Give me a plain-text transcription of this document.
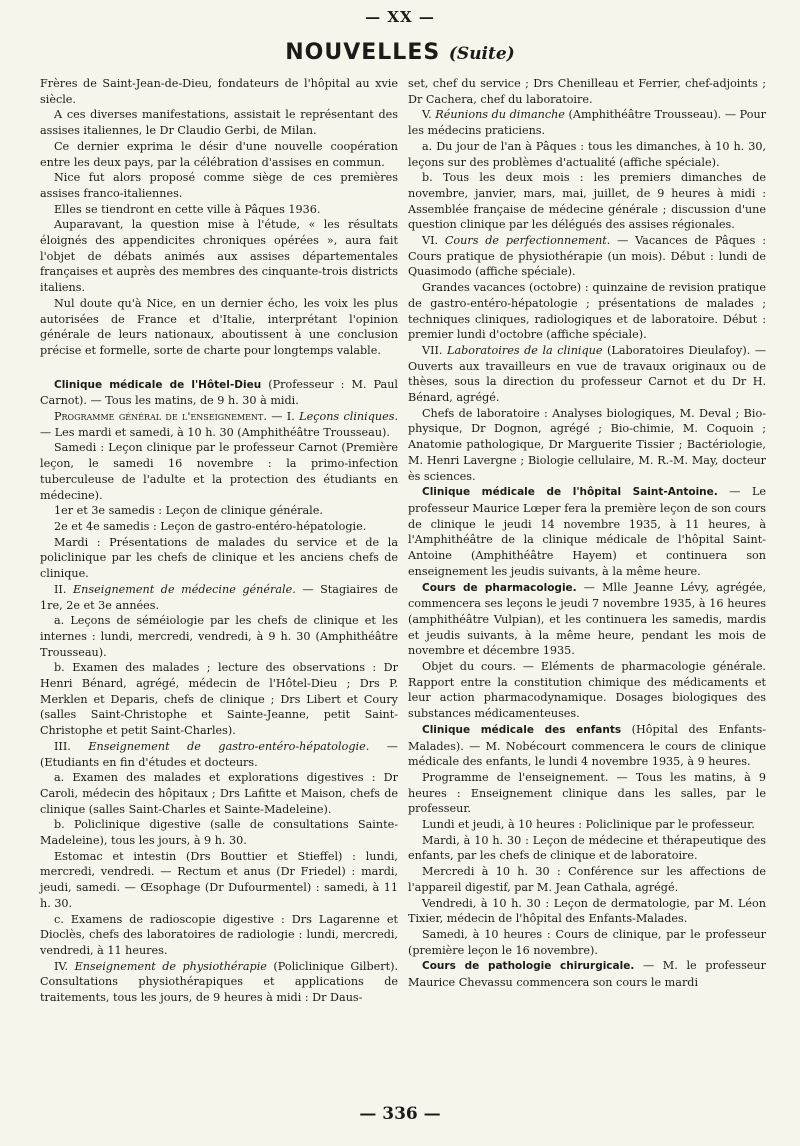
— XX —
NOUVELLES (Suite)

Frères de Saint-Jean-de-Dieu, fondateurs de l'hôpital au xvie siècle.

A ces diverses manifestations, assistait le représentant des assises italiennes, le Dr Claudio Gerbi, de Milan.

Ce dernier exprima le désir d'une nouvelle coopération entre les deux pays, par la célébration d'assises en commun.

Nice fut alors proposé comme siège de ces premières assises franco-italiennes.

Elles se tiendront en cette ville à Pâques 1936.

Auparavant, la question mise à l'étude, « les résultats éloignés des appendicites chroniques opérées », aura fait l'objet de débats animés aux assises départementales françaises et auprès des membres des cinquante-trois districts italiens.

Nul doute qu'à Nice, en un dernier écho, les voix les plus autorisées de France et d'Italie, interprétant l'opinion générale de leurs nationaux, aboutissent à une conclusion précise et formelle, sorte de charte pour longtemps valable.

Clinique médicale de l'Hôtel-Dieu (Professeur : M. Paul Carnot). — Tous les matins, de 9 h. 30 à midi.

Programme général de l'enseignement. — I. Leçons cliniques. — Les mardi et samedi, à 10 h. 30 (Amphithéâtre Trousseau).

Samedi : Leçon clinique par le professeur Carnot (Première leçon, le samedi 16 novembre : la primo-infection tuberculeuse de l'adulte et la protection des étudiants en médecine).

1er et 3e samedis : Leçon de clinique générale.

2e et 4e samedis : Leçon de gastro-entéro-hépatologie.

Mardi : Présentations de malades du service et de la policlinique par les chefs de clinique et les anciens chefs de clinique.

II. Enseignement de médecine générale. — Stagiaires de 1re, 2e et 3e années.

a. Leçons de séméiologie par les chefs de clinique et les internes : lundi, mercredi, vendredi, à 9 h. 30 (Amphithéâtre Trousseau).

b. Examen des malades ; lecture des observations : Dr Henri Bénard, agrégé, médecin de l'Hôtel-Dieu ; Drs P. Merklen et Deparis, chefs de clinique ; Drs Libert et Coury (salles Saint-Christophe et Sainte-Jeanne, petit Saint-Christophe et petit Saint-Charles).

III. Enseignement de gastro-entéro-hépatologie. — (Etudiants en fin d'études et docteurs.

a. Examen des malades et explorations digestives : Dr Caroli, médecin des hôpitaux ; Drs Lafitte et Maison, chefs de clinique (salles Saint-Charles et Sainte-Madeleine).

b. Policlinique digestive (salle de consultations Sainte-Madeleine), tous les jours, à 9 h. 30.

Estomac et intestin (Drs Bouttier et Stieffel) : lundi, mercredi, vendredi. — Rectum et anus (Dr Friedel) : mardi, jeudi, samedi. — Œsophage (Dr Dufourmentel) : samedi, à 11 h. 30.

c. Examens de radioscopie digestive : Drs Lagarenne et Dioclès, chefs des laboratoires de radiologie : lundi, mercredi, vendredi, à 11 heures.

IV. Enseignement de physiothérapie (Policlinique Gilbert). Consultations physiothérapiques et applications de traitements, tous les jours, de 9 heures à midi : Dr Daus-

set, chef du service ; Drs Chenilleau et Ferrier, chef-adjoints ; Dr Cachera, chef du laboratoire.

V. Réunions du dimanche (Amphithéâtre Trousseau). — Pour les médecins praticiens.

a. Du jour de l'an à Pâques : tous les dimanches, à 10 h. 30, leçons sur des problèmes d'actualité (affiche spéciale).

b. Tous les deux mois : les premiers dimanches de novembre, janvier, mars, mai, juillet, de 9 heures à midi : Assemblée française de médecine générale ; discussion d'une question clinique par les délégués des assises régionales.

VI. Cours de perfectionnement. — Vacances de Pâques : Cours pratique de physiothérapie (un mois). Début : lundi de Quasimodo (affiche spéciale).

Grandes vacances (octobre) : quinzaine de revision pratique de gastro-entéro-hépatologie ; présentations de malades ; techniques cliniques, radiologiques et de laboratoire. Début : premier lundi d'octobre (affiche spéciale).

VII. Laboratoires de la clinique (Laboratoires Dieulafoy). — Ouverts aux travailleurs en vue de travaux originaux ou de thèses, sous la direction du professeur Carnot et du Dr H. Bénard, agrégé.

Chefs de laboratoire : Analyses biologiques, M. Deval ; Bio-physique, Dr Dognon, agrégé ; Bio-chimie, M. Coquoin ; Anatomie pathologique, Dr Marguerite Tissier ; Bactériologie, M. Henri Lavergne ; Biologie cellulaire, M. R.-M. May, docteur ès sciences.

Clinique médicale de l'hôpital Saint-Antoine. — Le professeur Maurice Lœper fera la première leçon de son cours de clinique le jeudi 14 novembre 1935, à 11 heures, à l'Amphithéâtre de la clinique médicale de l'hôpital Saint-Antoine (Amphithéâtre Hayem) et continuera son enseignement les jeudis suivants, à la même heure.

Cours de pharmacologie. — Mlle Jeanne Lévy, agrégée, commencera ses leçons le jeudi 7 novembre 1935, à 16 heures (amphithéâtre Vulpian), et les continuera les samedis, mardis et jeudis suivants, à la même heure, pendant les mois de novembre et décembre 1935.

Objet du cours. — Eléments de pharmacologie générale. Rapport entre la constitution chimique des médicaments et leur action pharmacodynamique. Dosages biologiques des substances médicamenteuses.

Clinique médicale des enfants (Hôpital des Enfants-Malades). — M. Nobécourt commencera le cours de clinique médicale des enfants, le lundi 4 novembre 1935, à 9 heures.

Programme de l'enseignement. — Tous les matins, à 9 heures : Enseignement clinique dans les salles, par le professeur.

Lundi et jeudi, à 10 heures : Policlinique par le professeur.

Mardi, à 10 h. 30 : Leçon de médecine et thérapeutique des enfants, par les chefs de clinique et de laboratoire.

Mercredi à 10 h. 30 : Conférence sur les affections de l'appareil digestif, par M. Jean Cathala, agrégé.

Vendredi, à 10 h. 30 : Leçon de dermatologie, par M. Léon Tixier, médecin de l'hôpital des Enfants-Malades.

Samedi, à 10 heures : Cours de clinique, par le professeur (première leçon le 16 novembre).

Cours de pathologie chirurgicale. — M. le professeur Maurice Chevassu commencera son cours le mardi

— 336 —
